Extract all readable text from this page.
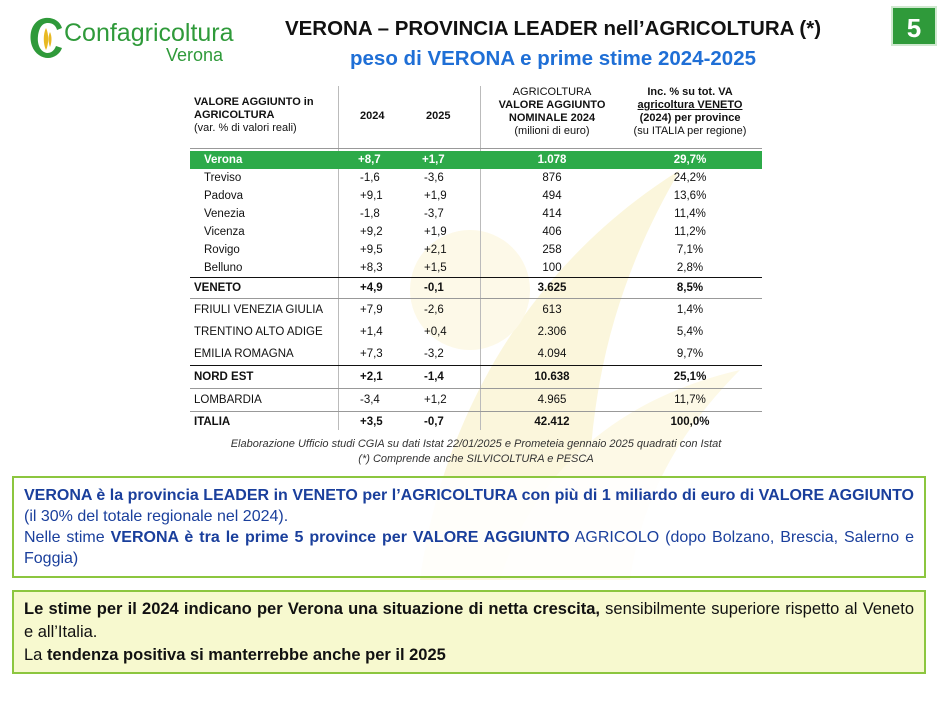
Confagricoltura
Verona
VERONA – PROVINCIA LEADER nell’AGRICOLTURA (*)
peso di VERONA e prime stime 2024-2025
5
VALORE AGGIUNTO in
AGRICOLTURA
(var. % di valori reali)
2024	2025
AGRICOLTURA
VALORE AGGIUNTO
NOMINALE 2024
(milioni di euro)
Inc. % su tot. VA
agricoltura VENETO
(2024) per province
(su ITALIA per regione)
Verona	+8,7	+1,7	1.078	29,7%
Treviso	-1,6	-3,6	876	24,2%
Padova	+9,1	+1,9	494	13,6%
Venezia	-1,8	-3,7	414	11,4%
Vicenza	+9,2	+1,9	406	11,2%
Rovigo	+9,5	+2,1	258	7,1%
Belluno	+8,3	+1,5	100	2,8%
VENETO	+4,9	-0,1	3.625	8,5%
FRIULI VENEZIA GIULIA	+7,9	-2,6	613	1,4%
TRENTINO ALTO ADIGE	+1,4	+0,4	2.306	5,4%
EMILIA ROMAGNA	+7,3	-3,2	4.094	9,7%
NORD EST	+2,1	-1,4	10.638	25,1%
LOMBARDIA	-3,4	+1,2	4.965	11,7%
ITALIA	+3,5	-0,7	42.412	100,0%
Elaborazione Ufficio studi CGIA su dati Istat 22/01/2025 e Prometeia gennaio 2025 quadrati con Istat
(*) Comprende anche SILVICOLTURA e PESCA
VERONA è la provincia LEADER in VENETO per l’AGRICOLTURA con più di 1 miliardo di euro di VALORE AGGIUNTO (il 30% del totale regionale nel 2024).
Nelle stime VERONA è tra le prime 5 province per VALORE AGGIUNTO AGRICOLO (dopo Bolzano, Brescia, Salerno e Foggia)
Le stime per il 2024 indicano per Verona una situazione di netta crescita, sensibilmente superiore rispetto al Veneto e all’Italia.
La tendenza positiva si manterrebbe anche per il 2025
